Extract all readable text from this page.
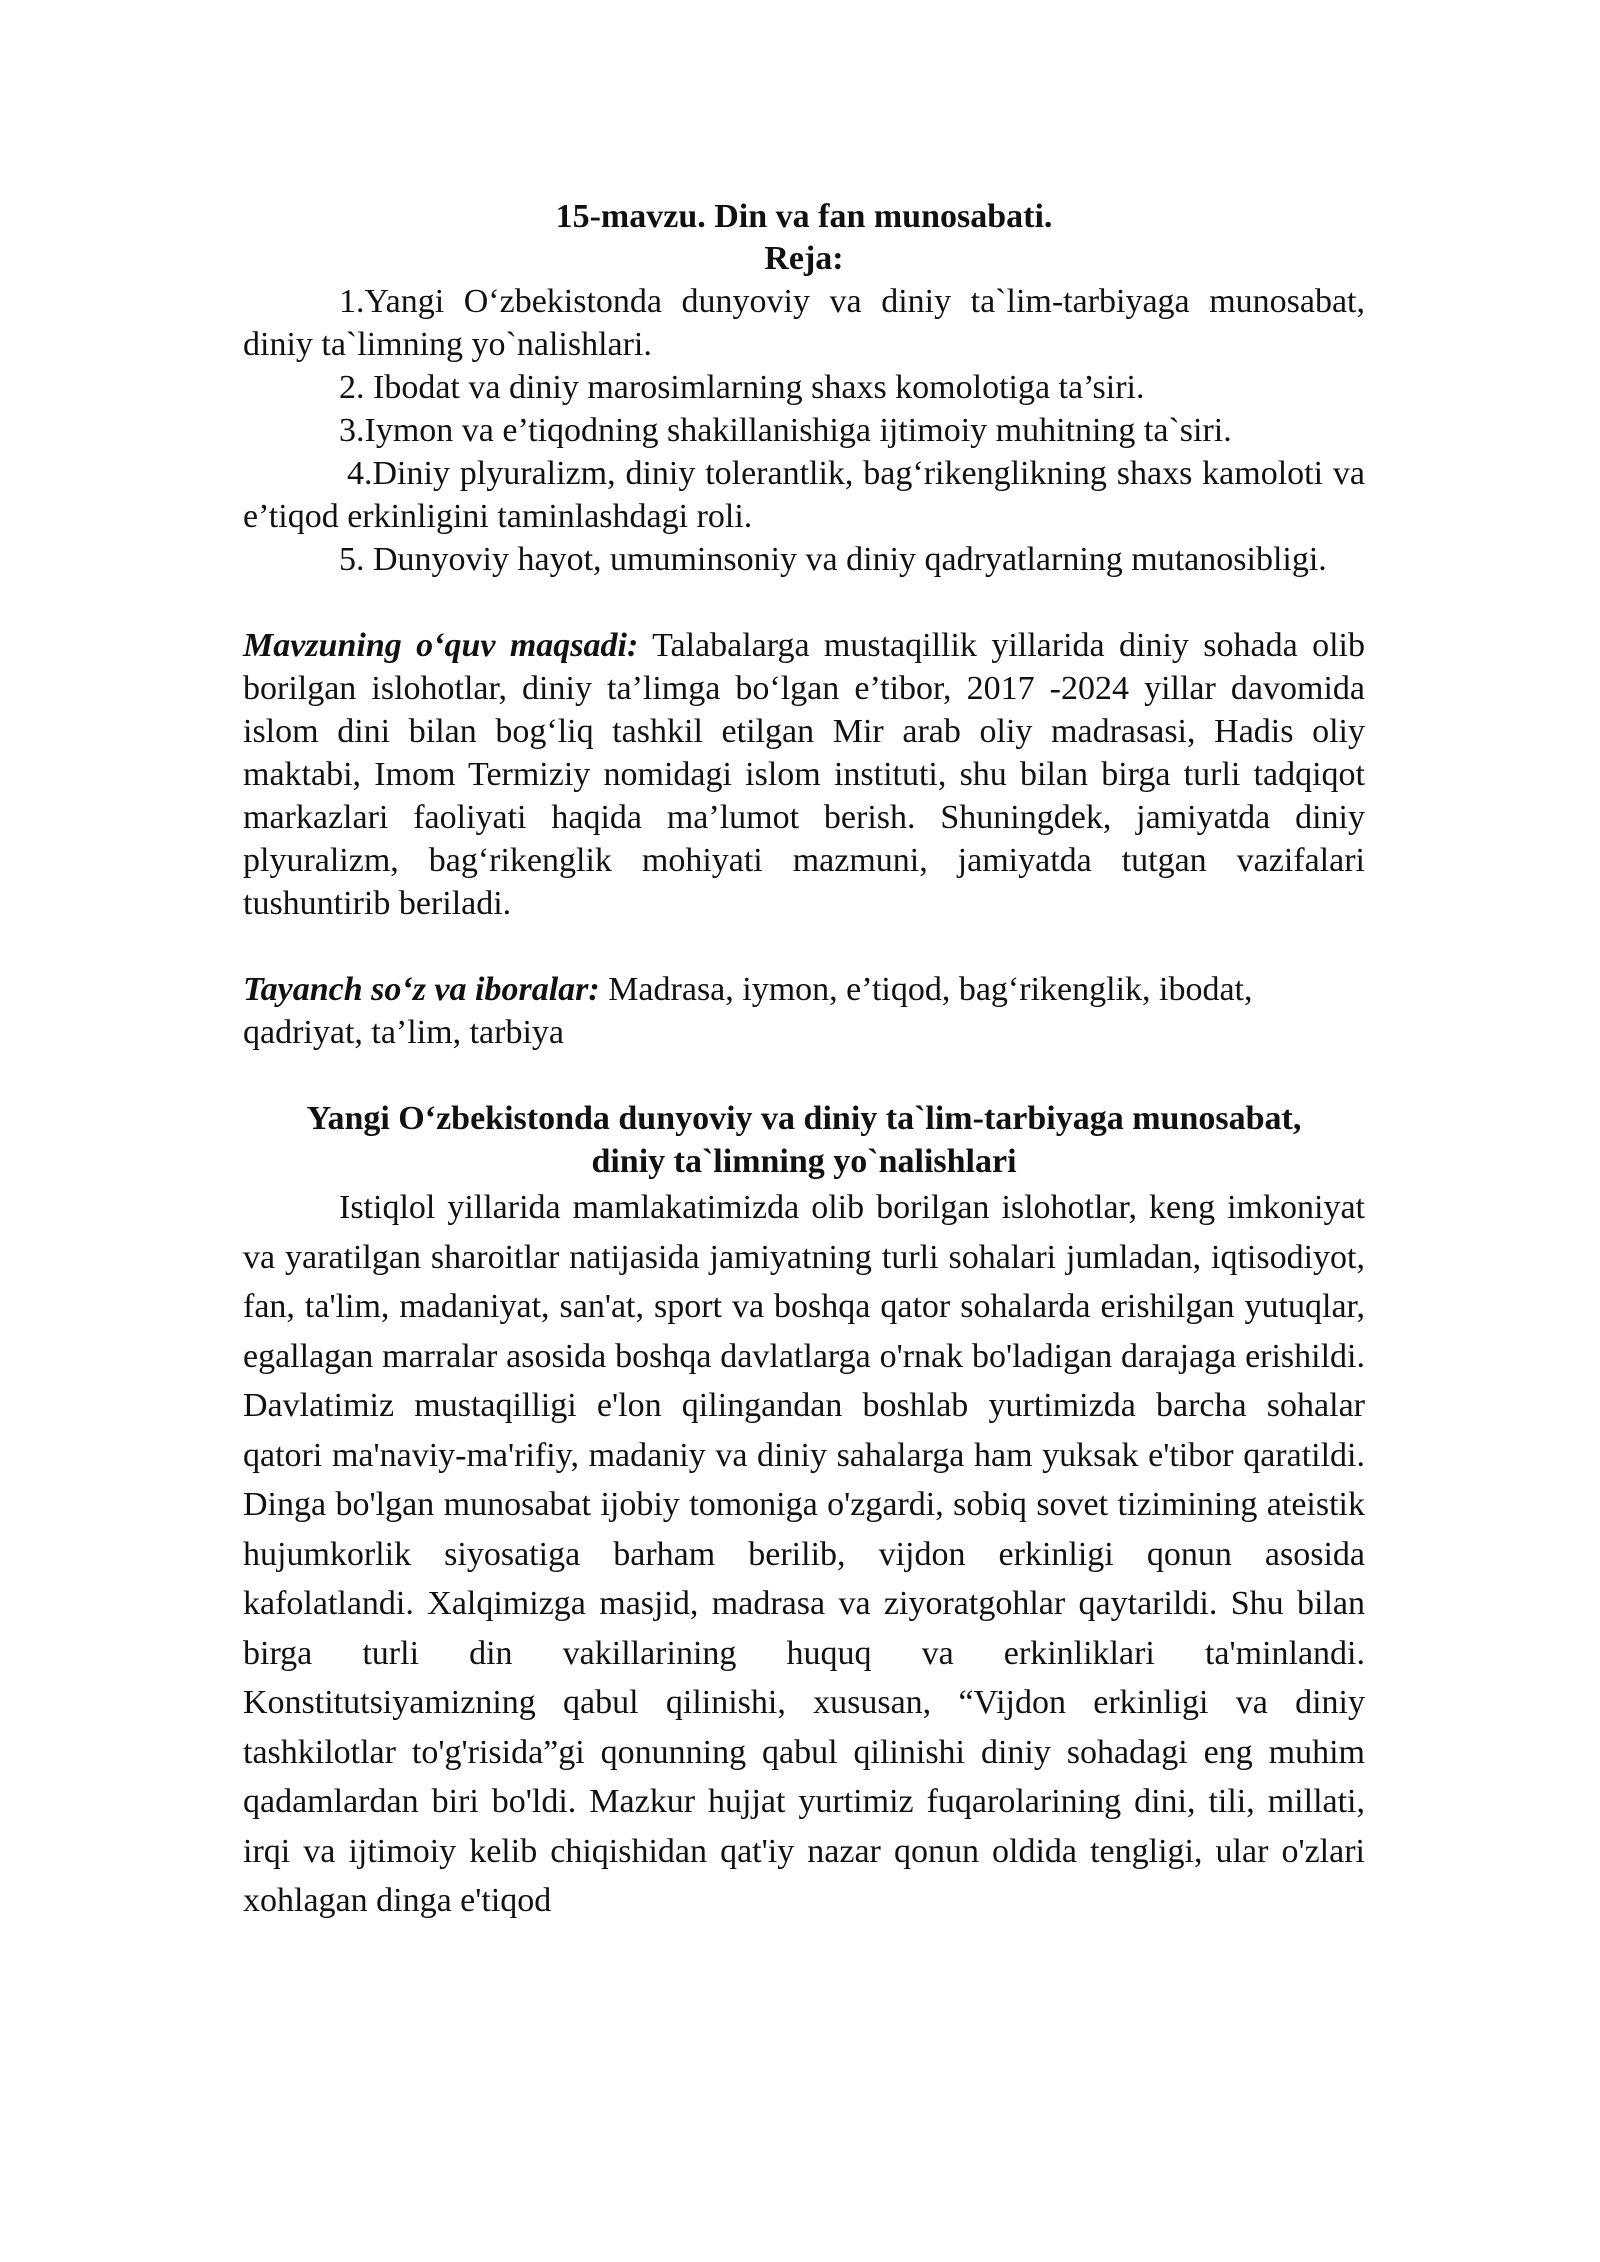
15-mavzu. Din va fan munosabati.

Reja:

1.Yangi O‘zbekistonda dunyoviy va diniy ta`lim-tarbiyaga munosabat, diniy ta`limning yo`nalishlari.

2. Ibodat va diniy marosimlarning shaxs komolotiga ta’siri.

3.Iymon va e’tiqodning shakillanishiga ijtimoiy muhitning ta`siri.

4.Diniy plyuralizm, diniy tolerantlik, bag‘rikenglikning shaxs kamoloti va e’tiqod erkinligini taminlashdagi roli.

5. Dunyoviy hayot, umuminsoniy va diniy qadryatlarning mutanosibligi.

Mavzuning o‘quv maqsadi: Talabalarga mustaqillik yillarida diniy sohada olib borilgan islohotlar, diniy ta’limga bo‘lgan e’tibor, 2017 -2024 yillar davomida islom dini bilan bog‘liq tashkil etilgan Mir arab oliy madrasasi, Hadis oliy maktabi, Imom Termiziy nomidagi islom instituti, shu bilan birga turli tadqiqot markazlari faoliyati haqida ma’lumot berish. Shuningdek, jamiyatda diniy plyuralizm, bag‘rikenglik mohiyati mazmuni, jamiyatda tutgan vazifalari tushuntirib beriladi.

Tayanch so‘z va iboralar: Madrasa, iymon, e’tiqod, bag‘rikenglik, ibodat, qadriyat, ta’lim, tarbiya

Yangi O‘zbekistonda dunyoviy va diniy ta`lim-tarbiyaga munosabat,

diniy ta`limning yo`nalishlari

Istiqlol yillarida mamlakatimizda olib borilgan islohotlar, keng imkoniyat va yaratilgan sharoitlar natijasida jamiyatning turli sohalari jumladan, iqtisodiyot, fan, ta'lim, madaniyat, san'at, sport va boshqa qator sohalarda erishilgan yutuqlar, egallagan marralar asosida boshqa davlatlarga o'rnak bo'ladigan darajaga erishildi. Davlatimiz mustaqilligi e'lon qilingandan boshlab yurtimizda barcha sohalar qatori ma'naviy-ma'rifiy, madaniy va diniy sahalarga ham yuksak e'tibor qaratildi. Dinga bo'lgan munosabat ijobiy tomoniga o'zgardi, sobiq sovet tizimining ateistik hujumkorlik siyosatiga barham berilib, vijdon erkinligi qonun asosida kafolatlandi. Xalqimizga masjid, madrasa va ziyoratgohlar qaytarildi. Shu bilan birga turli din vakillarining huquq va erkinliklari ta'minlandi. Konstitutsiyamizning qabul qilinishi, xususan, “Vijdon erkinligi va diniy tashkilotlar to'g'risida”gi qonunning qabul qilinishi diniy sohadagi eng muhim qadamlardan biri bo'ldi. Mazkur hujjat yurtimiz fuqarolarining dini, tili, millati, irqi va ijtimoiy kelib chiqishidan qat'iy nazar qonun oldida tengligi, ular o'zlari xohlagan dinga e'tiqod
